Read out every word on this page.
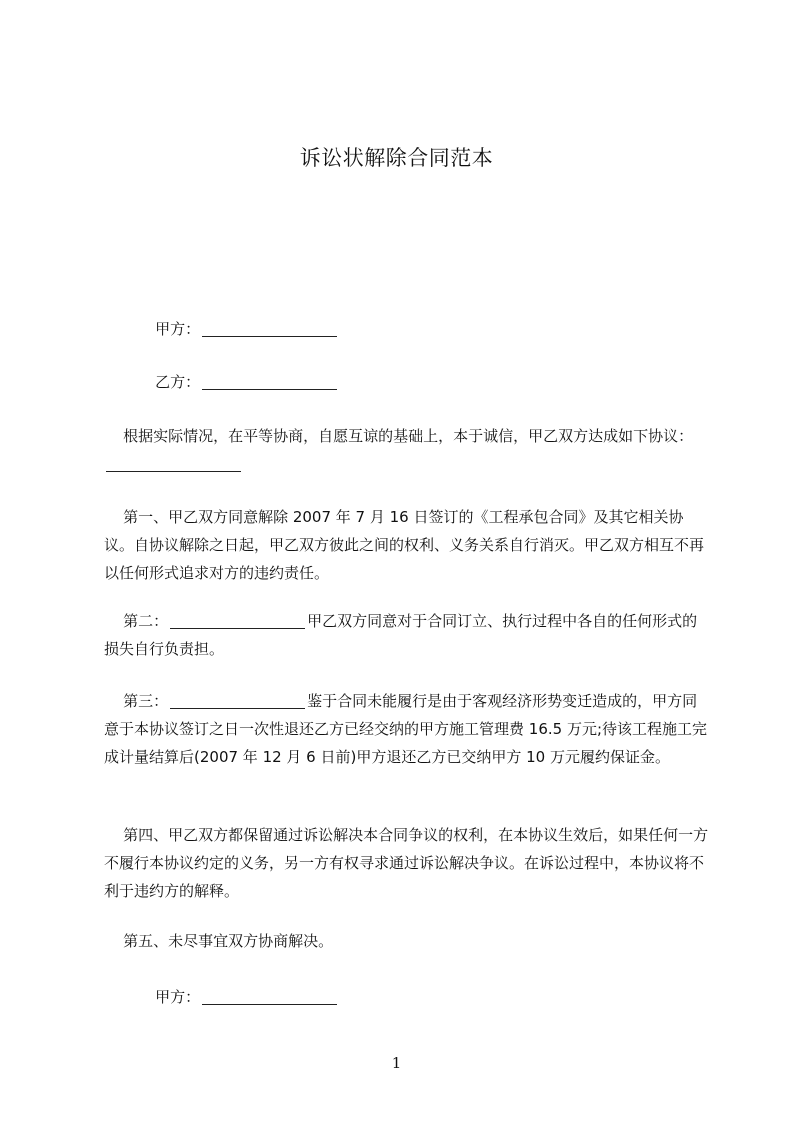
诉讼状解除合同范本

甲方：

乙方：

根据实际情况，在平等协商，自愿互谅的基础上，本于诚信，甲乙双方达成如下协议：

第一、甲乙双方同意解除 2007 年 7 月 16 日签订的《工程承包合同》及其它相关协议。自协议解除之日起，甲乙双方彼此之间的权利、义务关系自行消灭。甲乙双方相互不再以任何形式追求对方的违约责任。

第二：	甲乙双方同意对于合同订立、执行过程中各自的任何形式的损失自行负责担。

第三：	鉴于合同未能履行是由于客观经济形势变迁造成的，甲方同意于本协议签订之日一次性退还乙方已经交纳的甲方施工管理费 16.5 万元;待该工程施工完成计量结算后(2007 年 12 月 6 日前)甲方退还乙方已交纳甲方 10 万元履约保证金。

第四、甲乙双方都保留通过诉讼解决本合同争议的权利，在本协议生效后，如果任何一方不履行本协议约定的义务，另一方有权寻求通过诉讼解决争议。在诉讼过程中，本协议将不利于违约方的解释。

第五、未尽事宜双方协商解决。

甲方：

1
